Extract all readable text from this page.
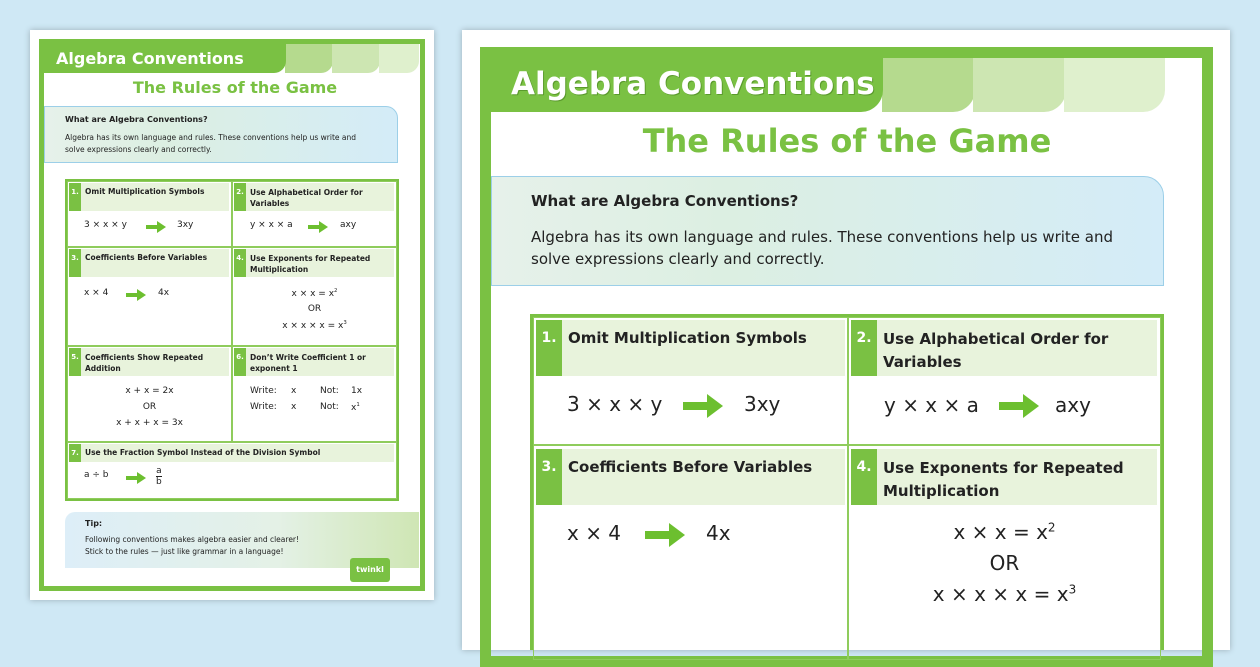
Algebra Conventions
The Rules of the Game
What are Algebra Conventions?
Algebra has its own language and rules. These conventions help us write and
solve expressions clearly and correctly.
1. Omit Multiplication Symbols
3 × x × y	3xy
2. Use Alphabetical Order for
Variables
y × x × a	axy
3. Coefficients Before Variables
x × 4	4x
4. Use Exponents for Repeated
Multiplication
$x \times x = x^2$
OR
$x \times x \times x = x^3$
5. Coefficients Show Repeated
Addition
x + x = 2x
OR
x + x + x = 3x
6. Don’t Write Coefficient 1 or
exponent 1
Write: x	Not: 1x
Write: x	Not: $x^1$
7. Use the Fraction Symbol Instead of the Division Symbol
a ÷ b	a
b
Tip:
Following conventions makes algebra easier and clearer!
Stick to the rules — just like grammar in a language!
twinkl
Algebra Conventions
The Rules of the Game
What are Algebra Conventions?
Algebra has its own language and rules. These conventions help us write and
solve expressions clearly and correctly.
1. Omit Multiplication Symbols
3 × x × y	3xy
2. Use Alphabetical Order for
Variables
y × x × a	axy
3. Coefficients Before Variables
x × 4	4x
4. Use Exponents for Repeated
Multiplication
$x \times x = x^2$
OR
$x \times x \times x = x^3$
